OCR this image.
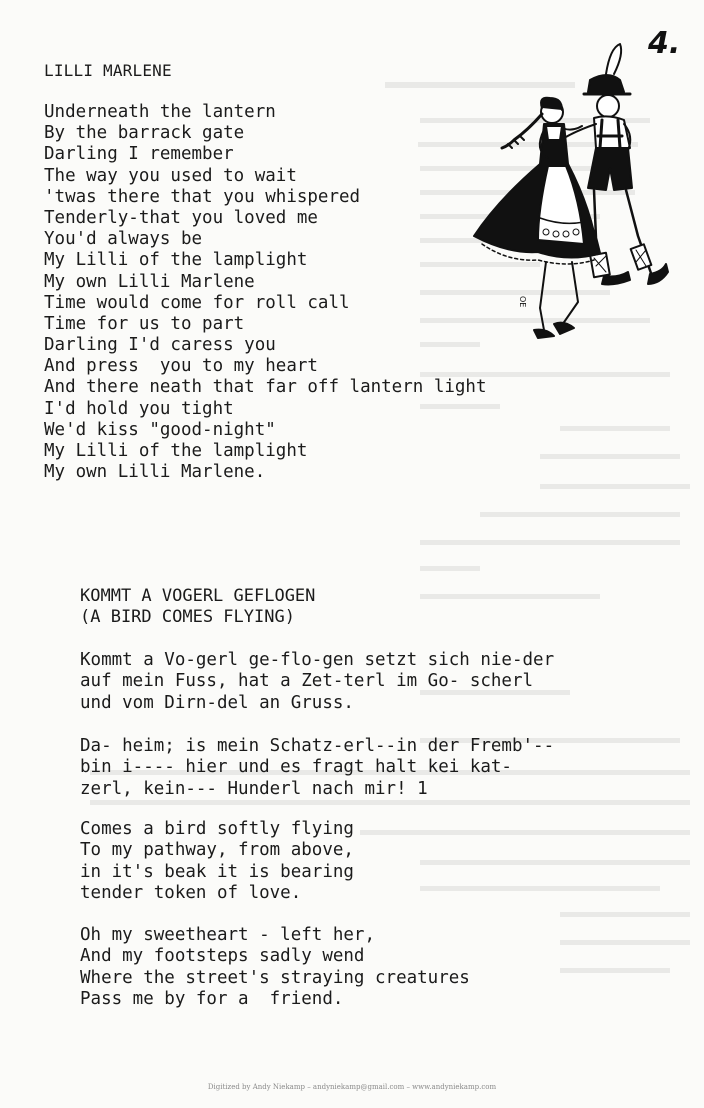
4.
LILLI MARLENE
Underneath the lantern
By the barrack gate
Darling I remember
The way you used to wait
'twas there that you whispered
Tenderly-that you loved me
You'd always be
My Lilli of the lamplight
My own Lilli Marlene
Time would come for roll call
Time for us to part
Darling I'd caress you
And press  you to my heart
And there neath that far off lantern light
I'd hold you tight
We'd kiss "good-night"
My Lilli of the lamplight
My own Lilli Marlene.
OE
KOMMT A VOGERL GEFLOGEN
(A BIRD COMES FLYING)
Kommt a Vo-gerl ge-flo-gen setzt sich nie-der
auf mein Fuss, hat a Zet-terl im Go- scherl
und vom Dirn-del an Gruss.
Da- heim; is mein Schatz-erl--in der Fremb'--
bin i---- hier und es fragt halt kei kat-
zerl, kein--- Hunderl nach mir! 1
Comes a bird softly flying
To my pathway, from above,
in it's beak it is bearing
tender token of love.
Oh my sweetheart - left her,
And my footsteps sadly wend
Where the street's straying creatures
Pass me by for a  friend.
Digitized by Andy Niekamp – andyniekamp@gmail.com – www.andyniekamp.com
